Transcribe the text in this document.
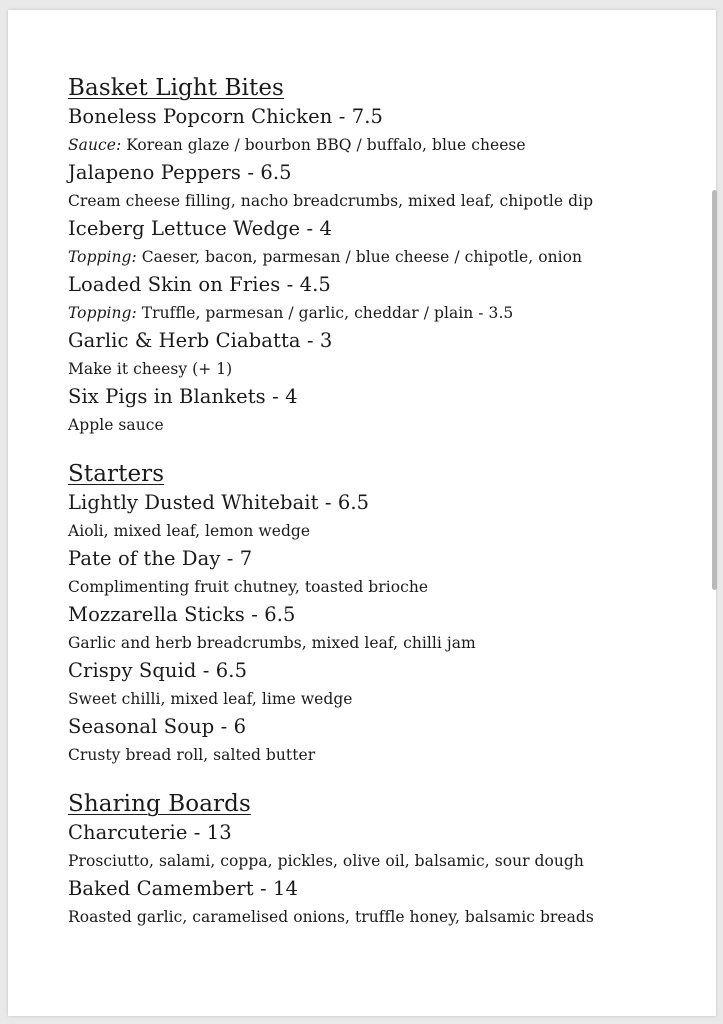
Basket Light Bites
Boneless Popcorn Chicken - 7.5
Sauce: Korean glaze / bourbon BBQ / buffalo, blue cheese
Jalapeno Peppers - 6.5
Cream cheese filling, nacho breadcrumbs, mixed leaf, chipotle dip
Iceberg Lettuce Wedge - 4
Topping: Caeser, bacon, parmesan / blue cheese / chipotle, onion
Loaded Skin on Fries - 4.5
Topping: Truffle, parmesan / garlic, cheddar / plain - 3.5
Garlic & Herb Ciabatta - 3
Make it cheesy (+ 1)
Six Pigs in Blankets - 4
Apple sauce
Starters
Lightly Dusted Whitebait - 6.5
Aioli, mixed leaf, lemon wedge
Pate of the Day - 7
Complimenting fruit chutney, toasted brioche
Mozzarella Sticks - 6.5
Garlic and herb breadcrumbs, mixed leaf, chilli jam
Crispy Squid - 6.5
Sweet chilli, mixed leaf, lime wedge
Seasonal Soup - 6
Crusty bread roll, salted butter
Sharing Boards
Charcuterie - 13
Prosciutto, salami, coppa, pickles, olive oil, balsamic, sour dough
Baked Camembert - 14
Roasted garlic, caramelised onions, truffle honey, balsamic breads
